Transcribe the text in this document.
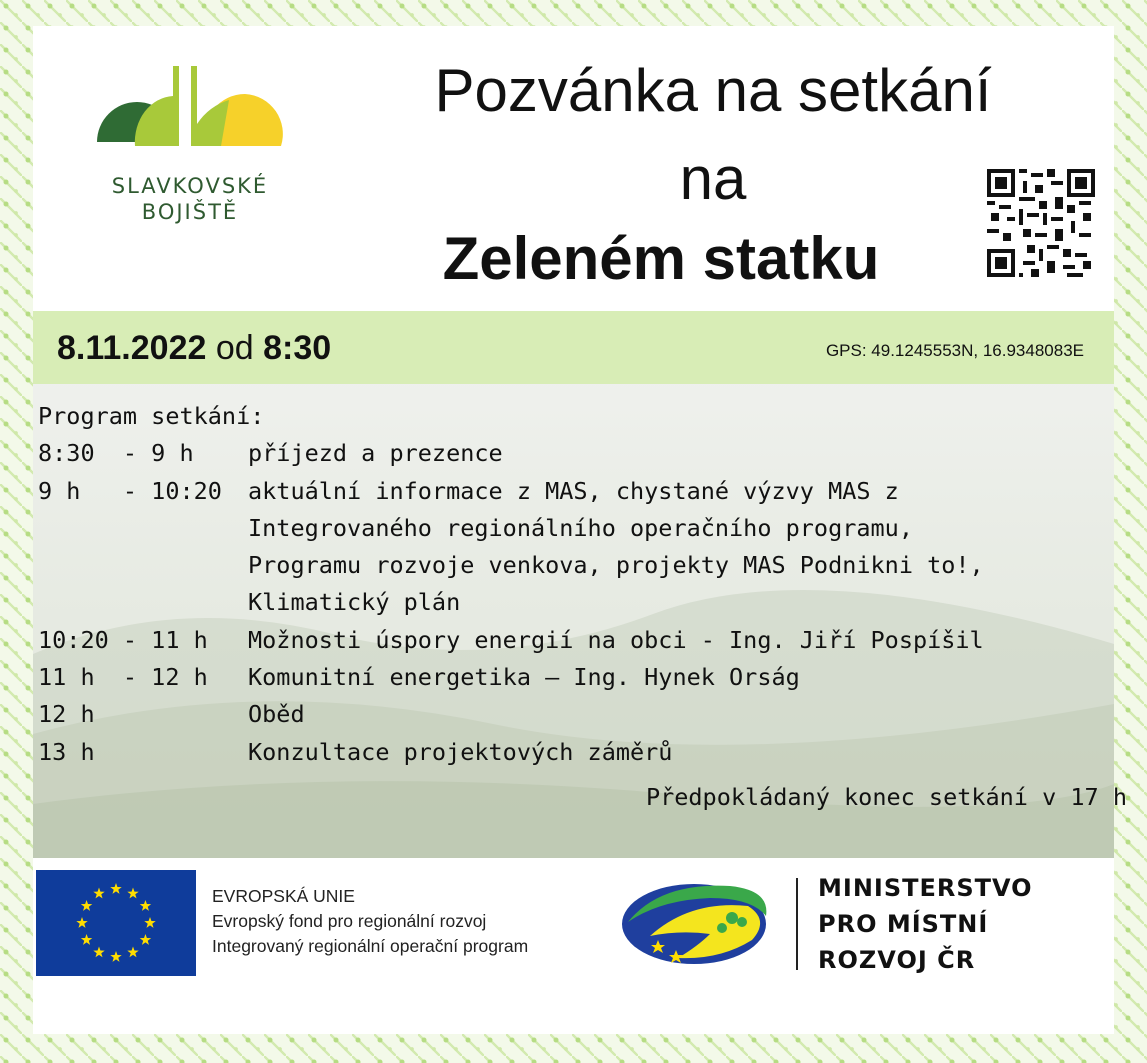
SLAVKOVSKÉ
BOJIŠTĚ
Pozvánka na setkání
na
Zeleném statku
8.11.2022 od 8:30	GPS: 49.1245553N, 16.9348083E
Program setkání:
8:30  - 9 h	příjezd a prezence
9 h   - 10:20	aktuální informace z MAS, chystané výzvy MAS z
Integrovaného regionálního operačního programu,
Programu rozvoje venkova, projekty MAS Podnikni to!,
Klimatický plán
10:20 - 11 h	Možnosti úspory energií na obci - Ing. Jiří Pospíšil
11 h  - 12 h	Komunitní energetika – Ing. Hynek Orság
12 h	Oběd
13 h	Konzultace projektových záměrů
Předpokládaný konec setkání v 17 h
EVROPSKÁ UNIE
Evropský fond pro regionální rozvoj
Integrovaný regionální operační program
MINISTERSTVO
PRO MÍSTNÍ
ROZVOJ ČR
